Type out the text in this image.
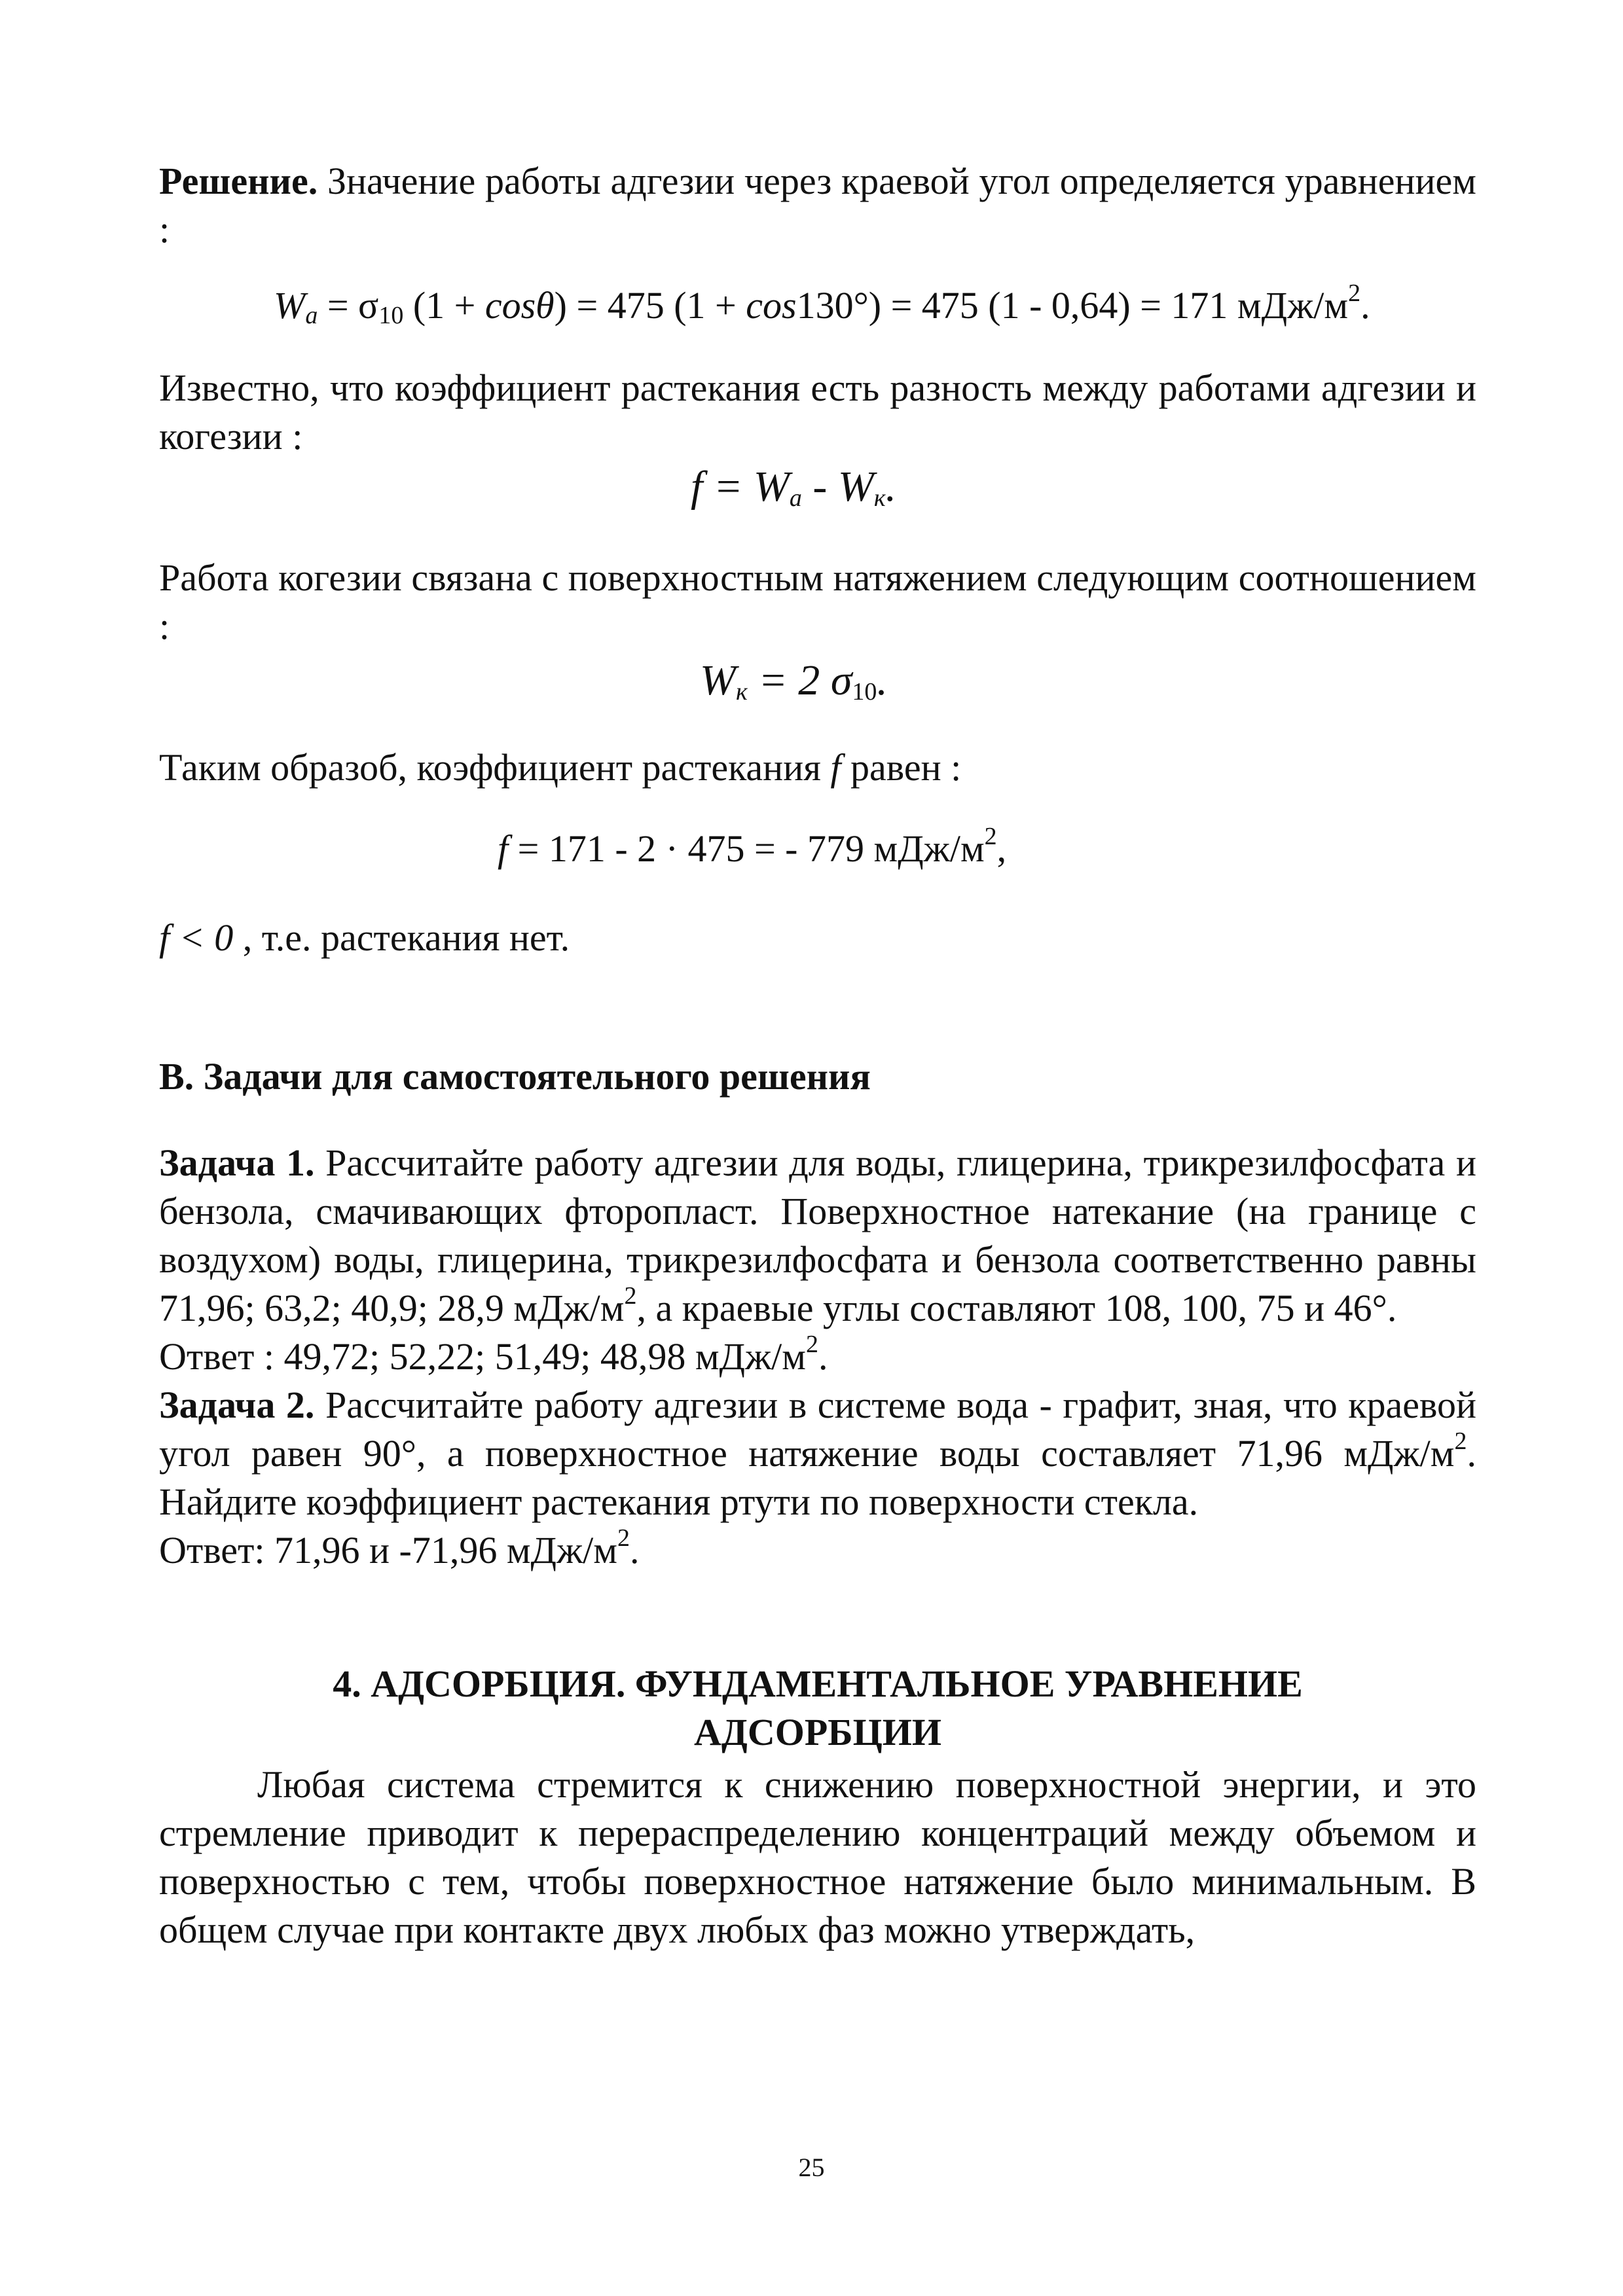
Решение. Значение работы адгезии через краевой угол определяется уравнением :

$W_a = \sigma_{10}$ (1 + cosθ) = 475 (1 + cos130°) = 475 (1 - 0,64) = 171 мДж/$м^2$.

Известно, что коэффициент растекания есть разность между работами адгезии и когезии :

$f = W_a - W_к$.

Работа когезии связана с поверхностным натяжением следующим соотношением :

$W_к = 2$ $\sigma_{10}$.

Таким образоб, коэффициент растекания f равен :

f = 171 - 2 · 475 = - 779 мДж/$м^2$,

f < 0 , т.е. растекания нет.

В. Задачи для самостоятельного решения

Задача 1. Рассчитайте работу адгезии для воды, глицерина, трикрезилфосфата и бензола, смачивающих фторопласт. Поверхностное натекание (на границе с воздухом) воды, глицерина, трикрезилфосфата и бензола соответственно равны 71,96; 63,2; 40,9; 28,9 мДж/$м^2$, а краевые углы составляют 108, 100, 75 и 46°.

Ответ : 49,72; 52,22; 51,49; 48,98 мДж/$м^2$.

Задача 2. Рассчитайте работу адгезии в системе вода - графит, зная, что краевой угол равен 90°, а поверхностное натяжение воды составляет 71,96 мДж/$м^2$. Найдите коэффициент растекания ртути по поверхности стекла.

Ответ: 71,96 и -71,96 мДж/$м^2$.

4. АДСОРБЦИЯ. ФУНДАМЕНТАЛЬНОЕ УРАВНЕНИЕ

АДСОРБЦИИ

Любая система стремится к снижению поверхностной энергии, и это стремление приводит к перераспределению концентраций между объемом и поверхностью с тем, чтобы поверхностное натяжение было минимальным. В общем случае при контакте двух любых фаз можно утверждать,

25
